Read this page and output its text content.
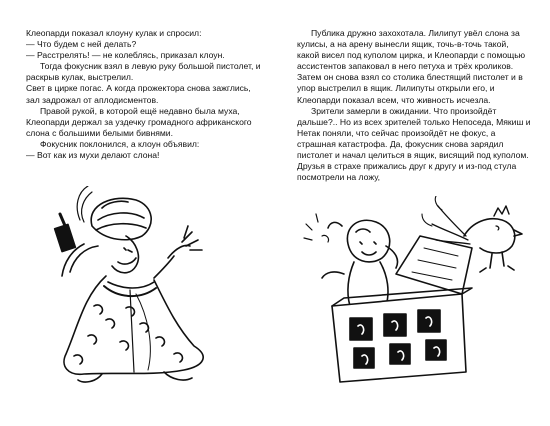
Клеопарди показал клоуну кулак и спросил:

— Что будем с ней делать?

— Расстрелять! — не колеблясь, приказал клоун.

Тогда фокусник взял в левую руку большой пистолет, и раскрыв кулак, выстрелил.

Свет в цирке погас. А когда прожектора снова зажглись, зал задрожал от аплодисментов.

Правой рукой, в которой ещё недавно была муха, Клеопарди держал за уздечку громадного африканского слона с большими белыми бивнями.

Фокусник поклонился, а клоун объявил:

— Вот как из мухи делают слона!

Публика дружно захохотала. Лилипут увёл слона за кулисы, а на арену вынесли ящик, точь-в-точь такой, какой висел под куполом цирка, и Клеопарди с помощью ассистентов запаковал в него петуха и трёх кроликов. Затем он снова взял со столика блестящий пистолет и в упор выстрелил в ящик. Лилипуты открыли его, и Клеопарди показал всем, что живность исчезла.

Зрители замерли в ожидании. Что произойдёт дальше?.. Но из всех зрителей только Непоседа, Мякиш и Нетак поняли, что сейчас произойдёт не фокус, а страшная катастрофа. Да, фокусник снова зарядил пистолет и начал целиться в ящик, висящий под куполом. Друзья в страхе прижались друг к другу и из-под стула посмотрели на ложу,
